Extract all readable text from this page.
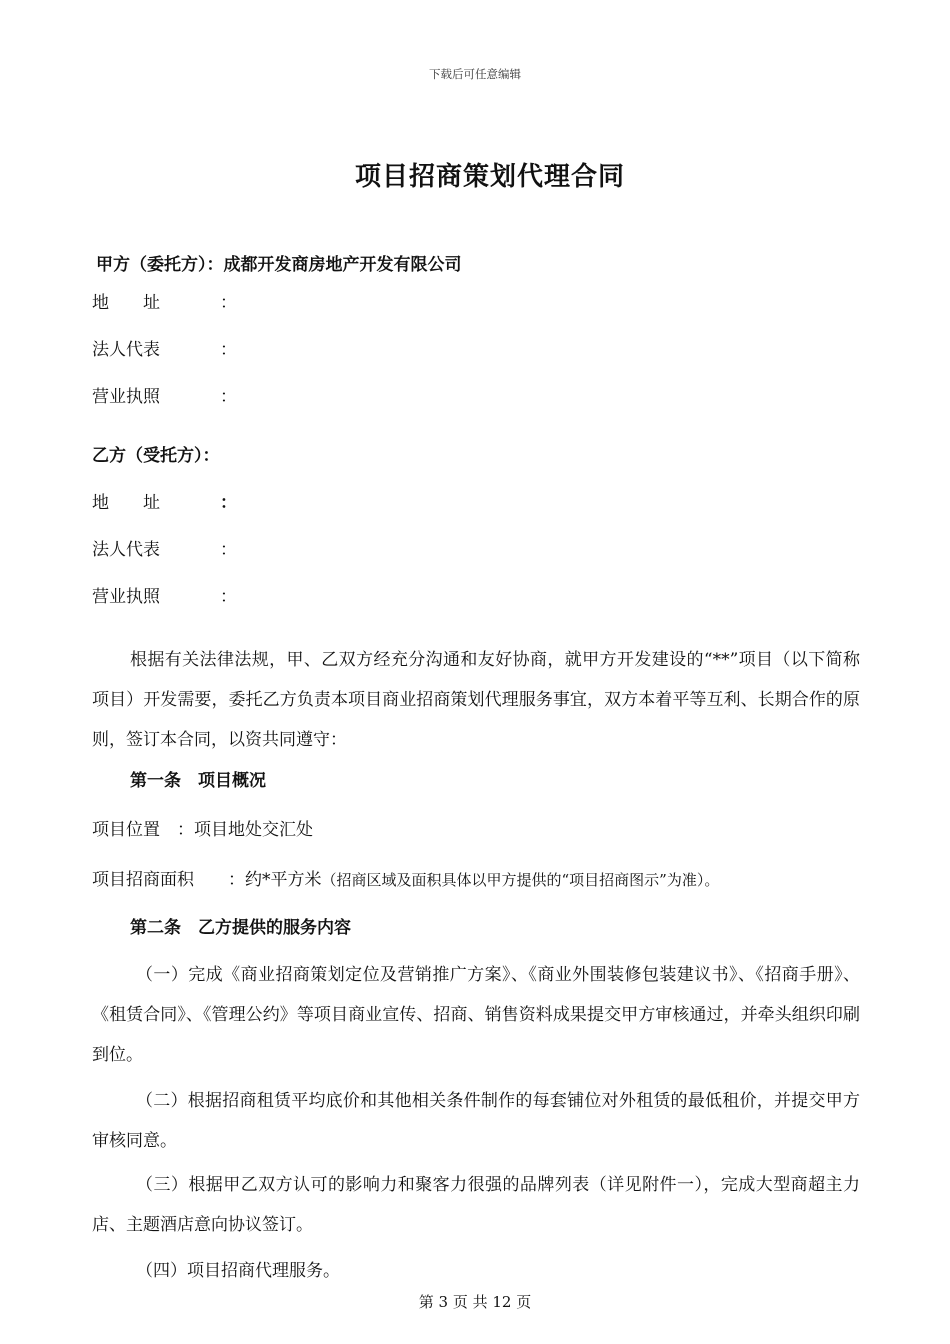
下载后可任意编辑
项目招商策划代理合同
甲方（委托方）：成都开发商房地产开发有限公司
地　　址	：
法人代表	：
营业执照	：
乙方（受托方）：
地　　址	：
法人代表	：
营业执照	：
根据有关法律法规，甲、乙双方经充分沟通和友好协商，就甲方开发建设的“**”项目（以下简称项目）开发需要，委托乙方负责本项目商业招商策划代理服务事宜，双方本着平等互利、长期合作的原则，签订本合同，以资共同遵守：
第一条　项目概况
项目位置　：项目地处交汇处
项目招商面积　　：约*平方米（招商区域及面积具体以甲方提供的“项目招商图示”为准）。
第二条　乙方提供的服务内容
（一）完成《商业招商策划定位及营销推广方案》、《商业外围装修包装建议书》、《招商手册》、《租赁合同》、《管理公约》等项目商业宣传、招商、销售资料成果提交甲方审核通过，并牵头组织印刷到位。
（二）根据招商租赁平均底价和其他相关条件制作的每套铺位对外租赁的最低租价，并提交甲方审核同意。
（三）根据甲乙双方认可的影响力和聚客力很强的品牌列表（详见附件一），完成大型商超主力店、主题酒店意向协议签订。
（四）项目招商代理服务。
第 3 页 共 12 页
